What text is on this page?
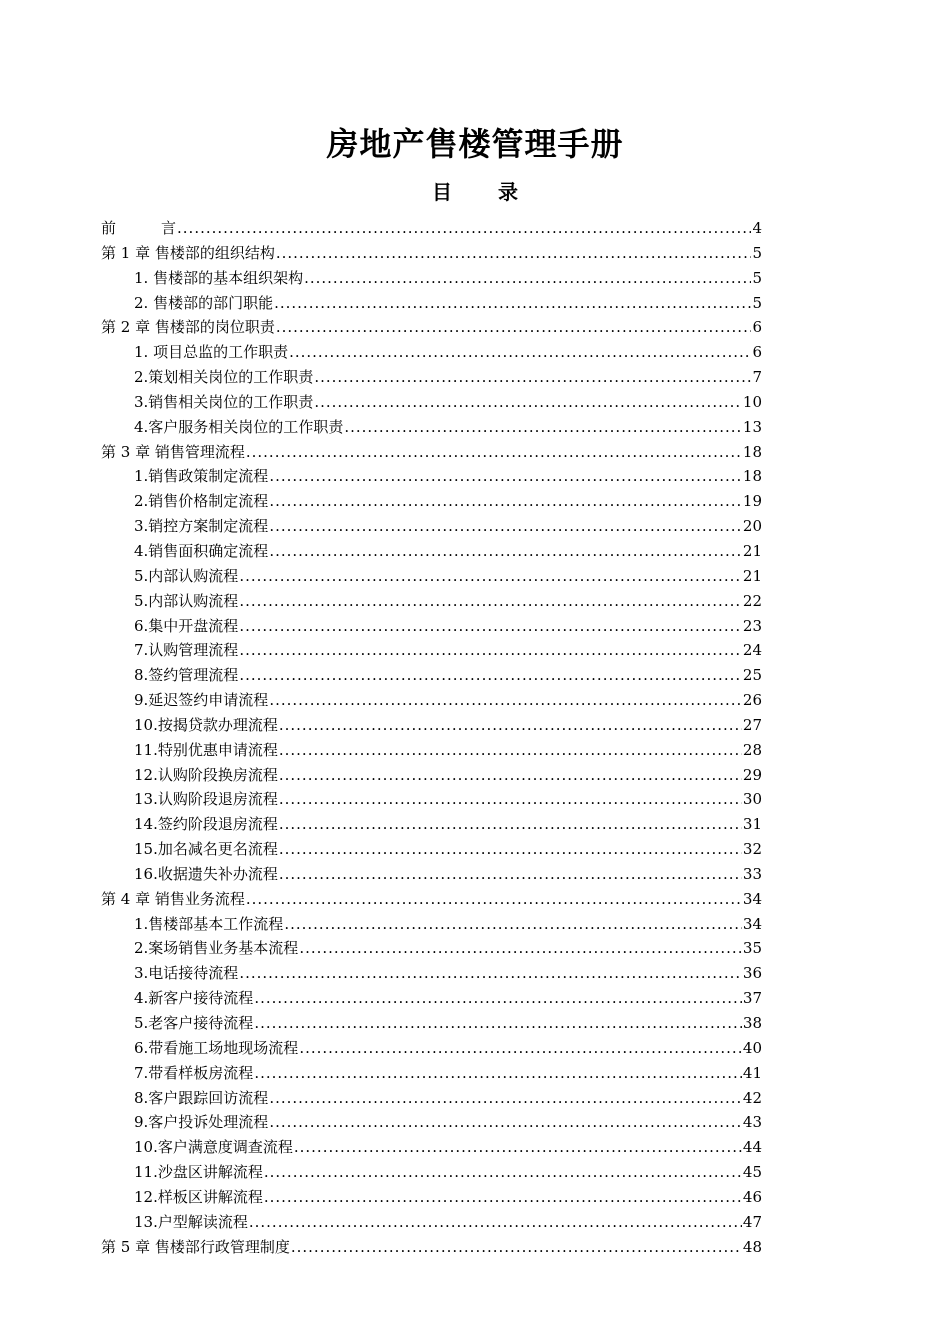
房地产售楼管理手册
目 录
前　　　言 .....	4
第 1 章 售楼部的组织结构 .....	5
1. 售楼部的基本组织架构 .....	5
2. 售楼部的部门职能 .....	5
第 2 章 售楼部的岗位职责 .....	6
1. 项目总监的工作职责 .....	6
2.策划相关岗位的工作职责 .....	7
3.销售相关岗位的工作职责 .....	10
4.客户服务相关岗位的工作职责 .....	13
第 3 章 销售管理流程 .....	18
1.销售政策制定流程 .....	18
2.销售价格制定流程 .....	19
3.销控方案制定流程 .....	20
4.销售面积确定流程 .....	21
5.内部认购流程 .....	21
5.内部认购流程 .....	22
6.集中开盘流程 .....	23
7.认购管理流程 .....	24
8.签约管理流程 .....	25
9.延迟签约申请流程 .....	26
10.按揭贷款办理流程 .....	27
11.特别优惠申请流程 .....	28
12.认购阶段换房流程 .....	29
13.认购阶段退房流程 .....	30
14.签约阶段退房流程 .....	31
15.加名减名更名流程 .....	32
16.收据遗失补办流程 .....	33
第 4 章 销售业务流程 .....	34
1.售楼部基本工作流程 .....	34
2.案场销售业务基本流程 .....	35
3.电话接待流程 .....	36
4.新客户接待流程 .....	37
5.老客户接待流程 .....	38
6.带看施工场地现场流程 .....	40
7.带看样板房流程 .....	41
8.客户跟踪回访流程 .....	42
9.客户投诉处理流程 .....	43
10.客户满意度调查流程 .....	44
11.沙盘区讲解流程 .....	45
12.样板区讲解流程 .....	46
13.户型解读流程 .....	47
第 5 章 售楼部行政管理制度 .....	48
